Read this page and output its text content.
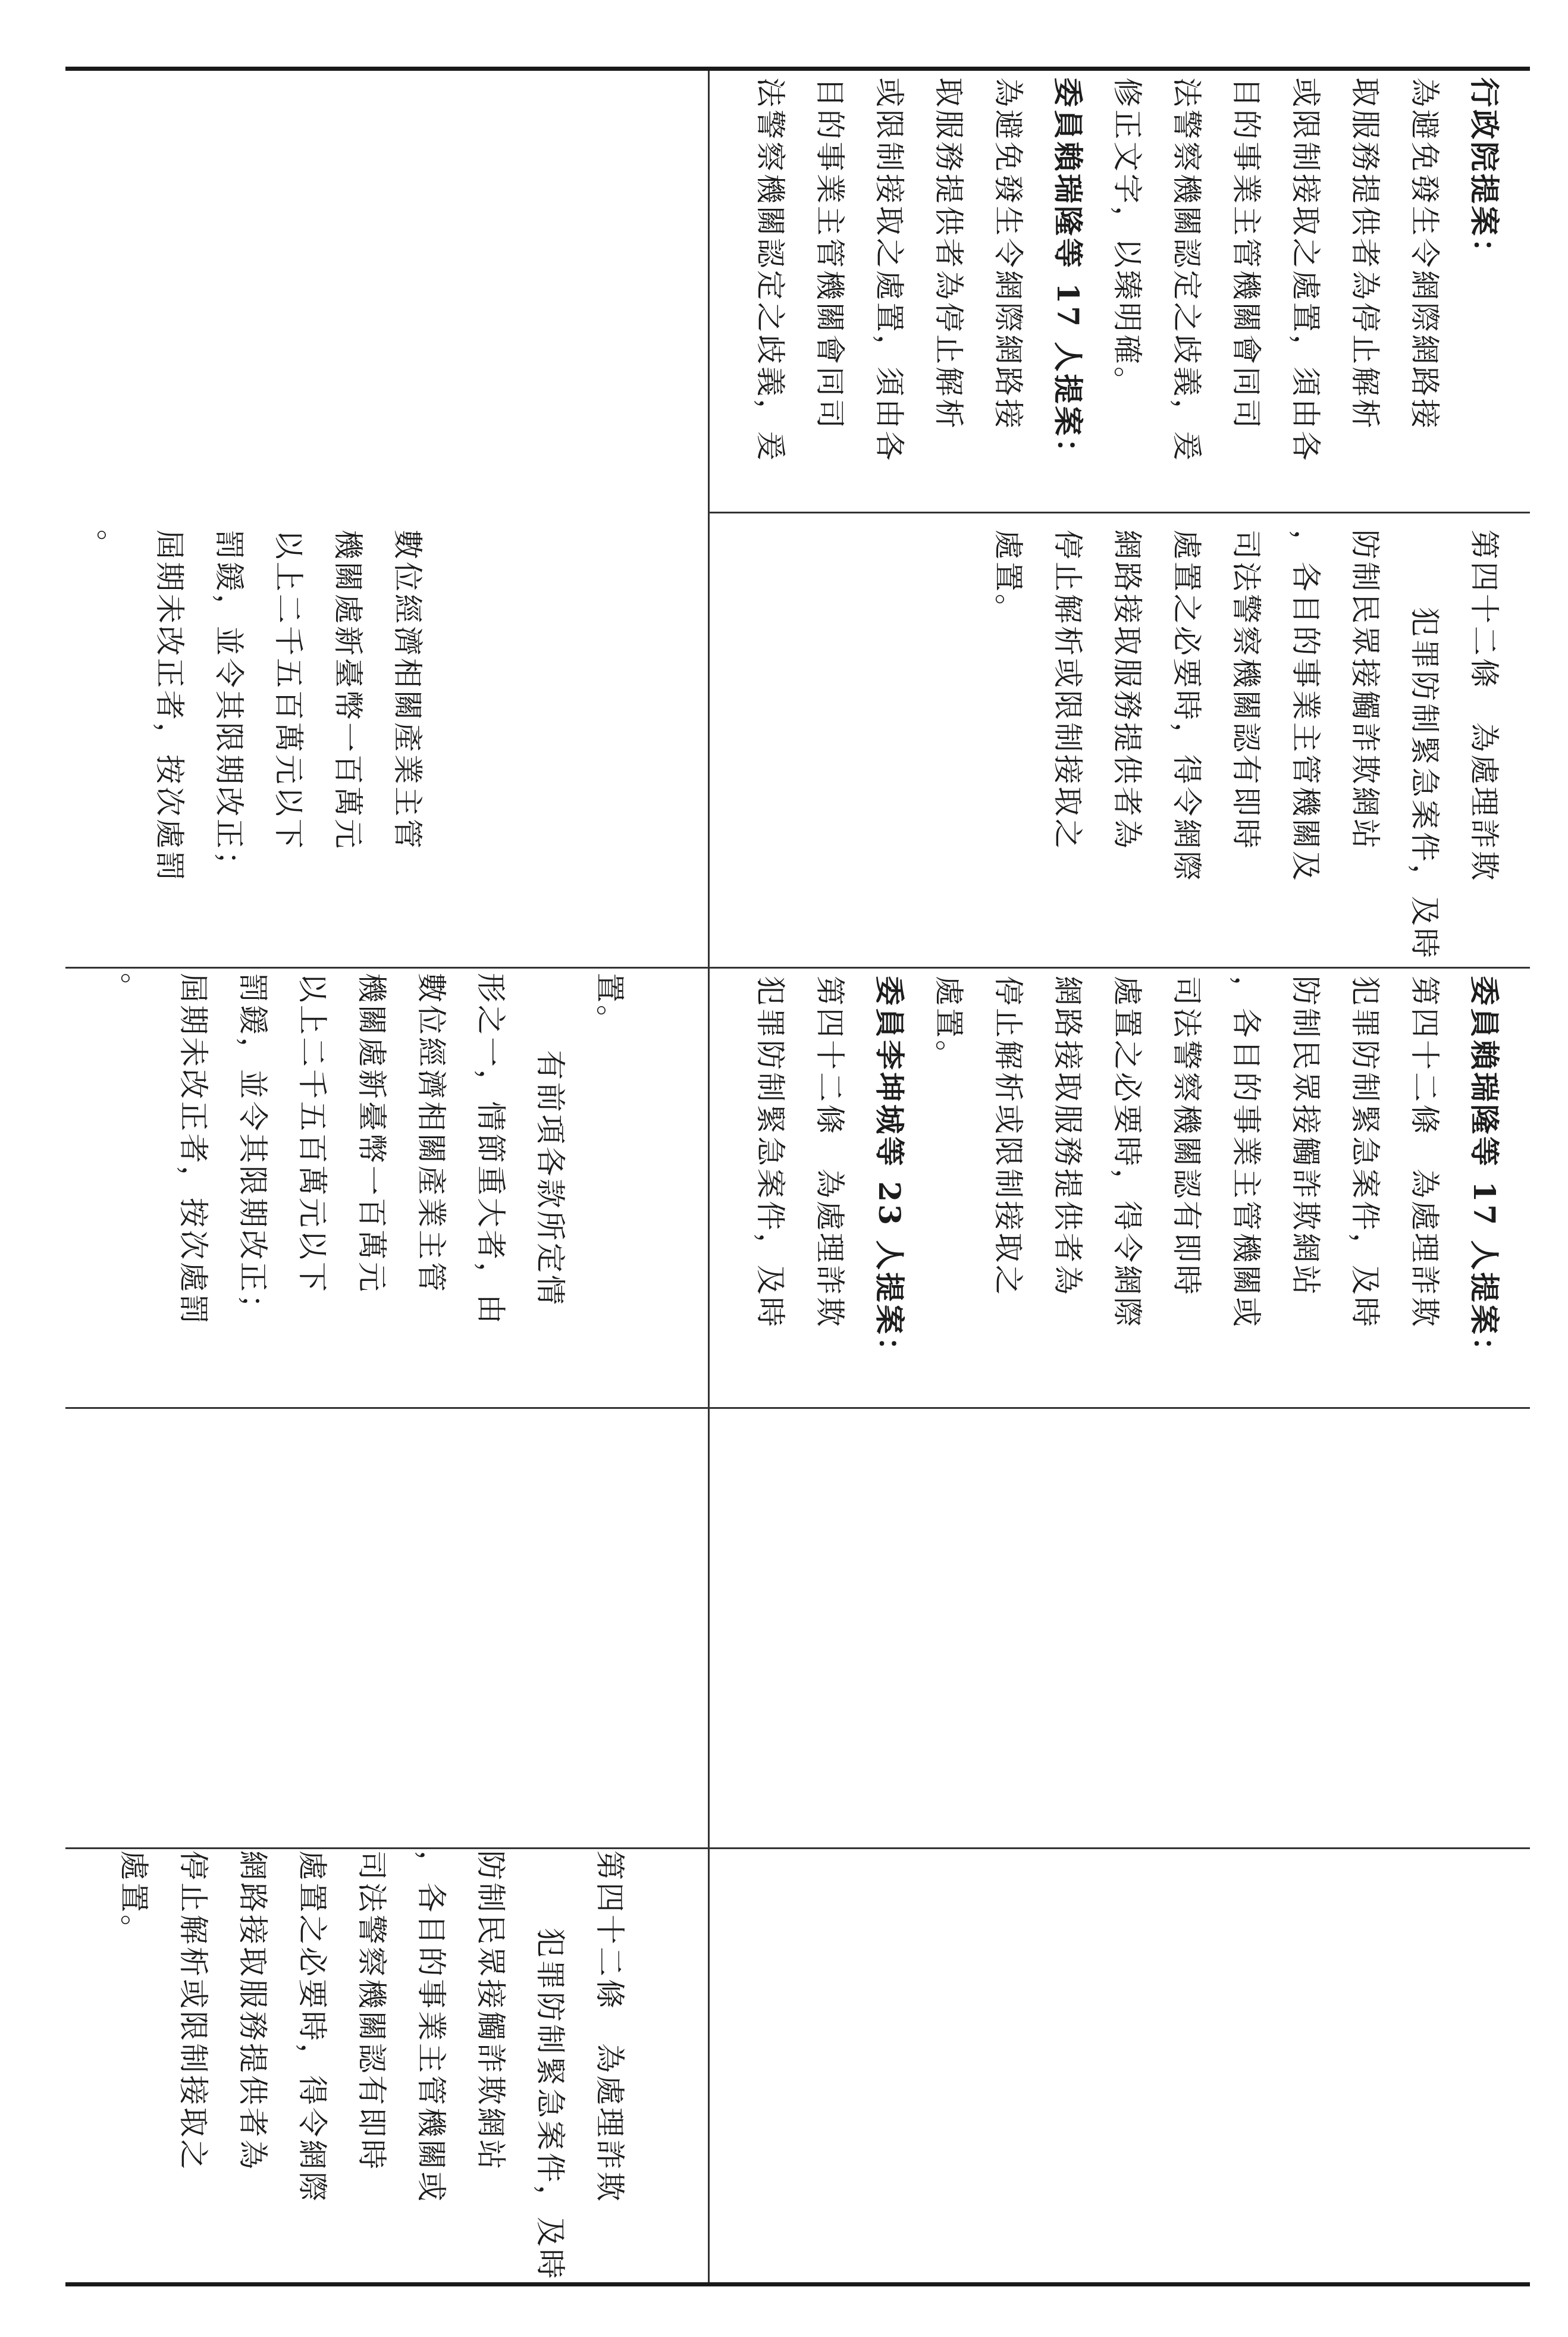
數位經濟相關產業主管
機關處新臺幣一百萬元
以上二千五百萬元以下
罰鍰，並令其限期改正；
屆期未改正者，按次處罰
。
置。
有前項各款所定情
形之一，情節重大者，由
數位經濟相關產業主管
機關處新臺幣一百萬元
以上二千五百萬元以下
罰鍰，並令其限期改正；
屆期未改正者，按次處罰
。
第四十二條　為處理詐欺
犯罪防制緊急案件，及時
防制民眾接觸詐欺網站
，各目的事業主管機關或
司法警察機關認有即時
處置之必要時，得令網際
網路接取服務提供者為
停止解析或限制接取之
處置。
行政院提案：
為避免發生令網際網路接
取服務提供者為停止解析
或限制接取之處置，須由各
目的事業主管機關會同司
法警察機關認定之歧義，爰
修正文字，以臻明確。
委員賴瑞隆等 17 人提案：
為避免發生令網際網路接
取服務提供者為停止解析
或限制接取之處置，須由各
目的事業主管機關會同司
法警察機關認定之歧義，爰
第四十二條　為處理詐欺
犯罪防制緊急案件，及時
防制民眾接觸詐欺網站
，各目的事業主管機關及
司法警察機關認有即時
處置之必要時，得令網際
網路接取服務提供者為
停止解析或限制接取之
處置。
委員賴瑞隆等 17 人提案：
第四十二條　為處理詐欺
犯罪防制緊急案件，及時
防制民眾接觸詐欺網站
，各目的事業主管機關或
司法警察機關認有即時
處置之必要時，得令網際
網路接取服務提供者為
停止解析或限制接取之
處置。
委員李坤城等 23 人提案：
第四十二條　為處理詐欺
犯罪防制緊急案件，及時
